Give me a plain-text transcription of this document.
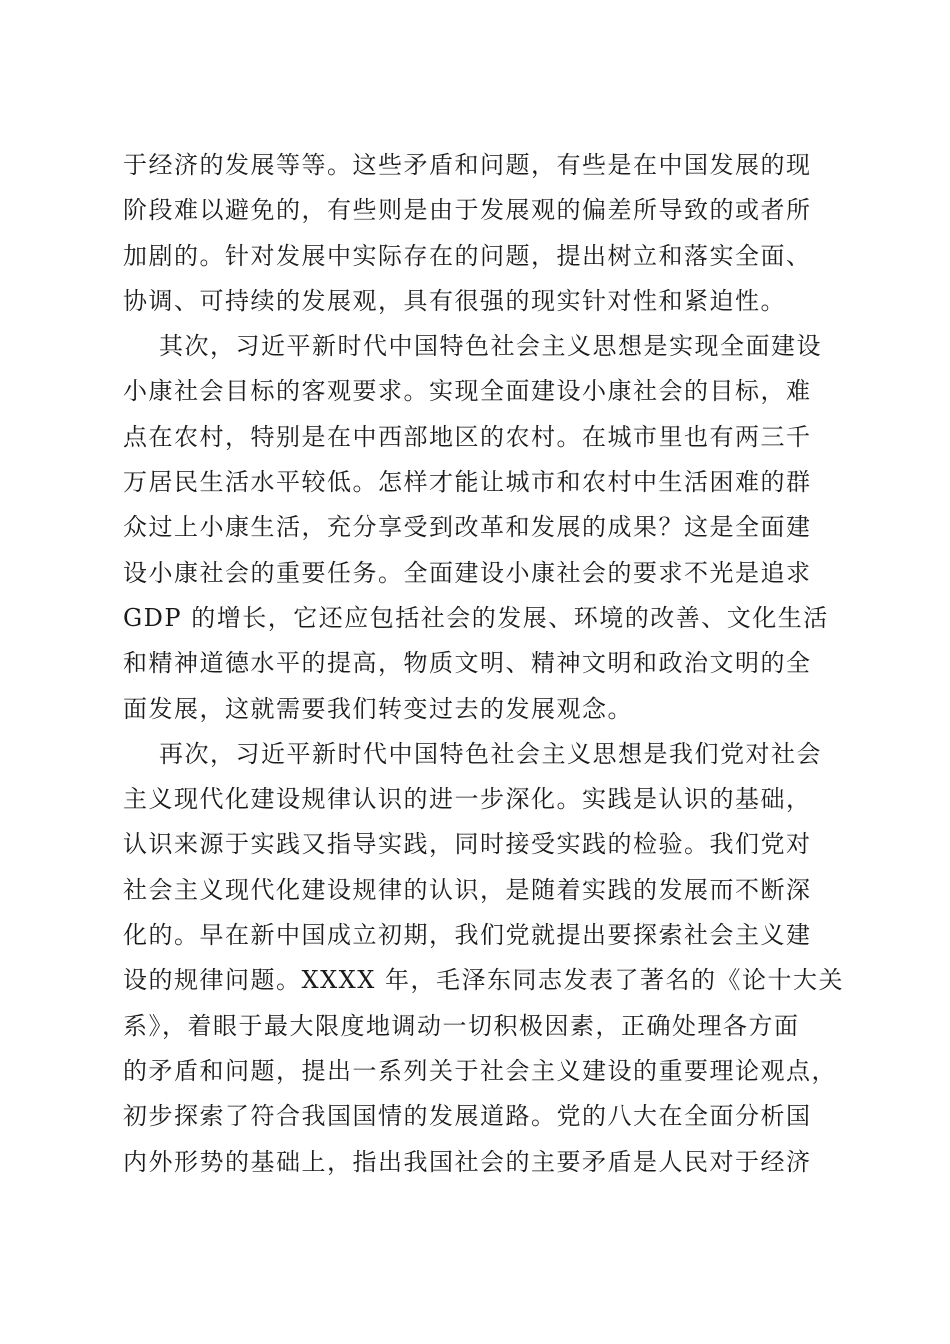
于经济的发展等等。这些矛盾和问题，有些是在中国发展的现
阶段难以避免的，有些则是由于发展观的偏差所导致的或者所
加剧的。针对发展中实际存在的问题，提出树立和落实全面、
协调、可持续的发展观，具有很强的现实针对性和紧迫性。
其次，习近平新时代中国特色社会主义思想是实现全面建设
小康社会目标的客观要求。实现全面建设小康社会的目标，难
点在农村，特别是在中西部地区的农村。在城市里也有两三千
万居民生活水平较低。怎样才能让城市和农村中生活困难的群
众过上小康生活，充分享受到改革和发展的成果？这是全面建
设小康社会的重要任务。全面建设小康社会的要求不光是追求
GDP 的增长，它还应包括社会的发展、环境的改善、文化生活
和精神道德水平的提高，物质文明、精神文明和政治文明的全
面发展，这就需要我们转变过去的发展观念。
再次，习近平新时代中国特色社会主义思想是我们党对社会
主义现代化建设规律认识的进一步深化。实践是认识的基础，
认识来源于实践又指导实践，同时接受实践的检验。我们党对
社会主义现代化建设规律的认识，是随着实践的发展而不断深
化的。早在新中国成立初期，我们党就提出要探索社会主义建
设的规律问题。XXXX 年，毛泽东同志发表了著名的《论十大关
系》，着眼于最大限度地调动一切积极因素，正确处理各方面
的矛盾和问题，提出一系列关于社会主义建设的重要理论观点，
初步探索了符合我国国情的发展道路。党的八大在全面分析国
内外形势的基础上，指出我国社会的主要矛盾是人民对于经济
